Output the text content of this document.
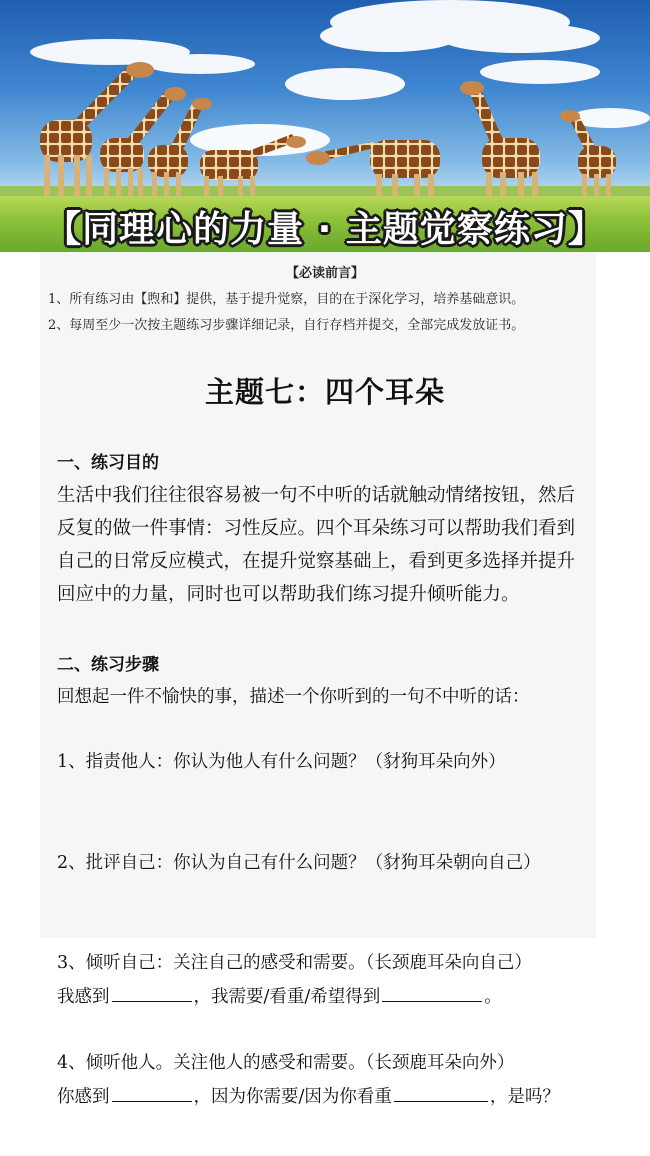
【同理心的力量 · 主题觉察练习】
【必读前言】
1、所有练习由【煦和】提供，基于提升觉察，目的在于深化学习，培养基础意识。
2、每周至少一次按主题练习步骤详细记录，自行存档并提交，全部完成发放证书。
主题七：四个耳朵
一、练习目的
生活中我们往往很容易被一句不中听的话就触动情绪按钮，然后
反复的做一件事情：习性反应。四个耳朵练习可以帮助我们看到
自己的日常反应模式，在提升觉察基础上，看到更多选择并提升
回应中的力量，同时也可以帮助我们练习提升倾听能力。
二、练习步骤
回想起一件不愉快的事，描述一个你听到的一句不中听的话：
1、指责他人：你认为他人有什么问题？（豺狗耳朵向外）
2、批评自己：你认为自己有什么问题？（豺狗耳朵朝向自己）
3、倾听自己：关注自己的感受和需要。（长颈鹿耳朵向自己）
我感到	，我需要/看重/希望得到	。
4、倾听他人。关注他人的感受和需要。（长颈鹿耳朵向外）
你感到	，因为你需要/因为你看重	，是吗？
